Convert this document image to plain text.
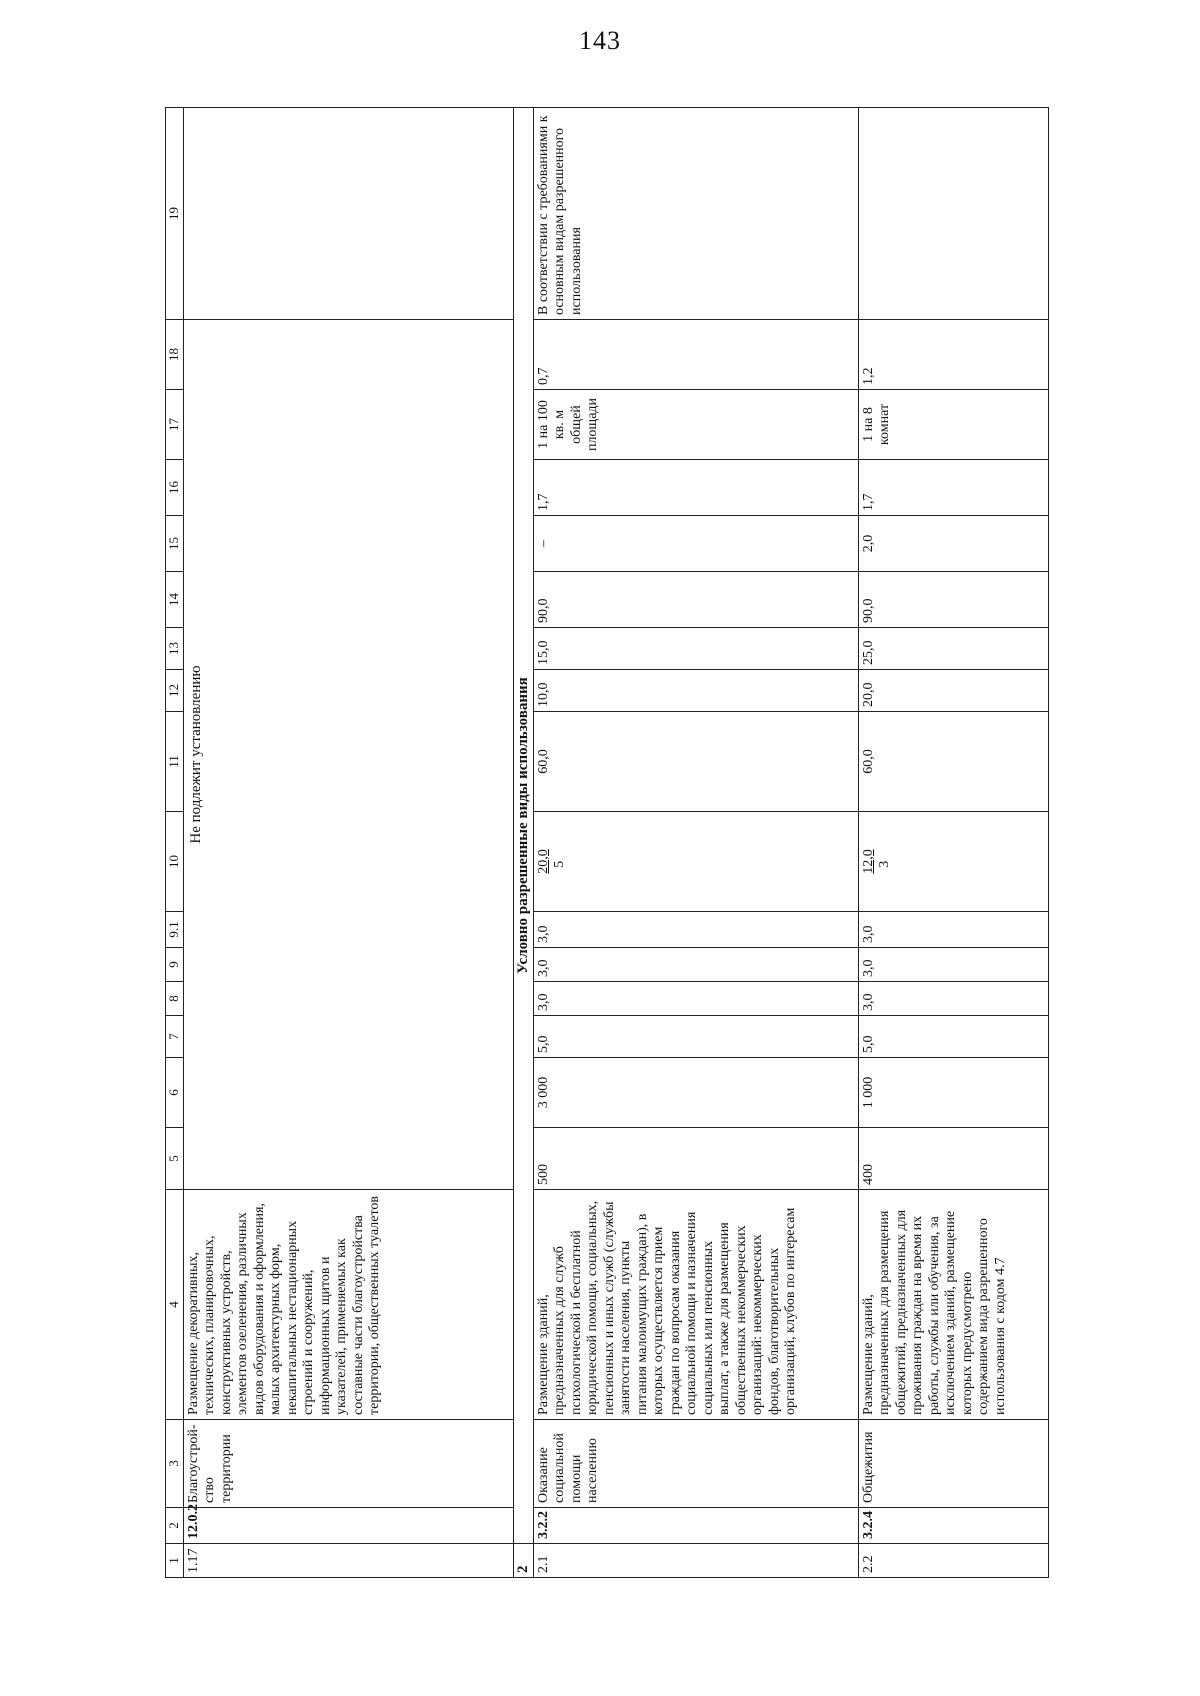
143
1	2	3	4	5	6	7	8	9	9.1	10	11	12	13	14	15	16	17	18	19
1.17	12.0.2	Благоустрой-ство территории	Размещение декоративных, технических, планировочных, конструктивных устройств, элементов озеленения, различных видов оборудования и оформления, малых архитектурных форм, некапитальных нестационарных строений и сооружений, информационных щитов и указателей, применяемых как составные части благоустройства территории, общественных туалетов	Не подлежит установлению															
2	Условно разрешенные виды использования																		
2.1	3.2.2	Оказание социальной помощи населению	Размещение зданий, предназначенных для служб психологической и бесплатной юридической помощи, социальных, пенсионных и иных служб (службы занятости населения, пункты питания малоимущих граждан), в которых осуществляется прием граждан по вопросам оказания социальной помощи и назначения социальных или пенсионных выплат, а также для размещения общественных некоммерческих организаций: некоммерческих фондов, благотворительных организаций, клубов по интересам	500	3 000	5,0	3,0	3,0	3,0	20,0 5	60,0	10,0	15,0	90,0	–	1,7	1 на 100 кв. м общей площади	0,7	В соответствии с требованиями к основным видам разрешенного использования
2.2	3.2.4	Общежития	Размещение зданий, предназначенных для размещения общежитий, предназначенных для проживания граждан на время их работы, службы или обучения, за исключением зданий, размещение которых предусмотрено содержанием вида разрешенного использования с кодом 4.7	400	1 000	5,0	3,0	3,0	3,0	12,0 3	60,0	20,0	25,0	90,0	2,0	1,7	1 на 8 комнат	1,2	
